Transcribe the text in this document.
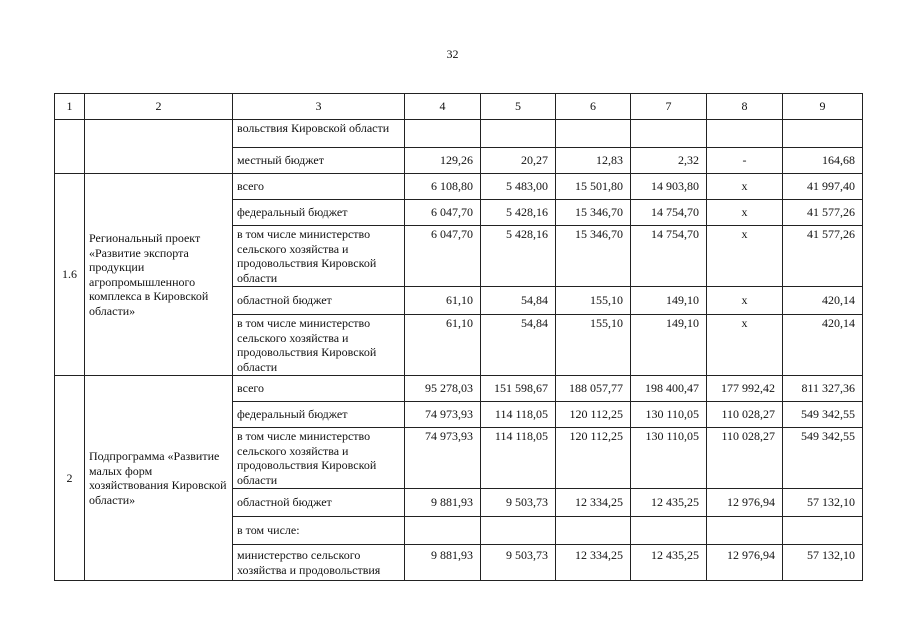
32
1	2	3	4	5	6	7	8	9
		вольствия Кировской области						
		местный бюджет	129,26	20,27	12,83	2,32	-	164,68
1.6	Региональный проект «Развитие экспорта продукции агропромышленного комплекса в Кировской области»	всего	6 108,80	5 483,00	15 501,80	14 903,80	х	41 997,40
		федеральный бюджет	6 047,70	5 428,16	15 346,70	14 754,70	х	41 577,26
		в том числе министерство сельского хозяйства и продовольствия Кировской области	6 047,70	5 428,16	15 346,70	14 754,70	х	41 577,26
		областной бюджет	61,10	54,84	155,10	149,10	х	420,14
		в том числе министерство сельского хозяйства и продовольствия Кировской области	61,10	54,84	155,10	149,10	х	420,14
2	Подпрограмма «Развитие малых форм хозяйствования Кировской области»	всего	95 278,03	151 598,67	188 057,77	198 400,47	177 992,42	811 327,36
		федеральный бюджет	74 973,93	114 118,05	120 112,25	130 110,05	110 028,27	549 342,55
		в том числе министерство сельского хозяйства и продовольствия Кировской области	74 973,93	114 118,05	120 112,25	130 110,05	110 028,27	549 342,55
		областной бюджет	9 881,93	9 503,73	12 334,25	12 435,25	12 976,94	57 132,10
		в том числе:						
		министерство сельского хозяйства и продовольствия	9 881,93	9 503,73	12 334,25	12 435,25	12 976,94	57 132,10
